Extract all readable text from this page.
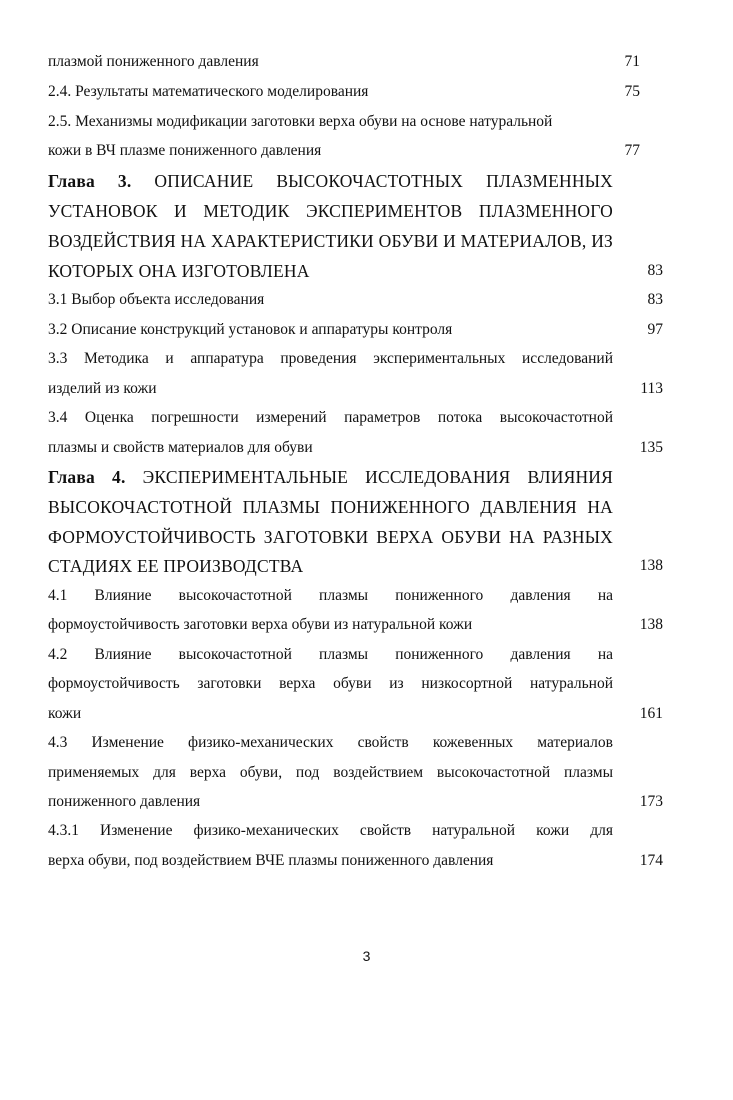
плазмой пониженного давления	71
2.4. Результаты математического моделирования	75
2.5. Механизмы модификации заготовки верха обуви на основе натуральной
кожи в ВЧ плазме пониженного давления	77
Глава 3. ОПИСАНИЕ ВЫСОКОЧАСТОТНЫХ ПЛАЗМЕННЫХ
УСТАНОВОК И МЕТОДИК ЭКСПЕРИМЕНТОВ ПЛАЗМЕННОГО
ВОЗДЕЙСТВИЯ НА ХАРАКТЕРИСТИКИ ОБУВИ И МАТЕРИАЛОВ, ИЗ
КОТОРЫХ ОНА ИЗГОТОВЛЕНА	83
3.1 Выбор объекта исследования	83
3.2 Описание конструкций установок и аппаратуры контроля	97
3.3 Методика и аппаратура проведения экспериментальных исследований
изделий из кожи	113
3.4 Оценка погрешности измерений параметров потока высокочастотной
плазмы и свойств материалов для обуви	135
Глава 4. ЭКСПЕРИМЕНТАЛЬНЫЕ ИССЛЕДОВАНИЯ ВЛИЯНИЯ
ВЫСОКОЧАСТОТНОЙ ПЛАЗМЫ ПОНИЖЕННОГО ДАВЛЕНИЯ НА
ФОРМОУСТОЙЧИВОСТЬ ЗАГОТОВКИ ВЕРХА ОБУВИ НА РАЗНЫХ
СТАДИЯХ ЕЕ ПРОИЗВОДСТВА	138
4.1 Влияние высокочастотной плазмы пониженного давления на
формоустойчивость заготовки верха обуви из натуральной кожи	138
4.2 Влияние высокочастотной плазмы пониженного давления на
формоустойчивость заготовки верха обуви из низкосортной натуральной
кожи	161
4.3 Изменение физико-механических свойств кожевенных материалов
применяемых для верха обуви, под воздействием высокочастотной плазмы
пониженного давления	173
4.3.1 Изменение физико-механических свойств натуральной кожи для
верха обуви, под воздействием ВЧЕ плазмы пониженного давления	174
3
